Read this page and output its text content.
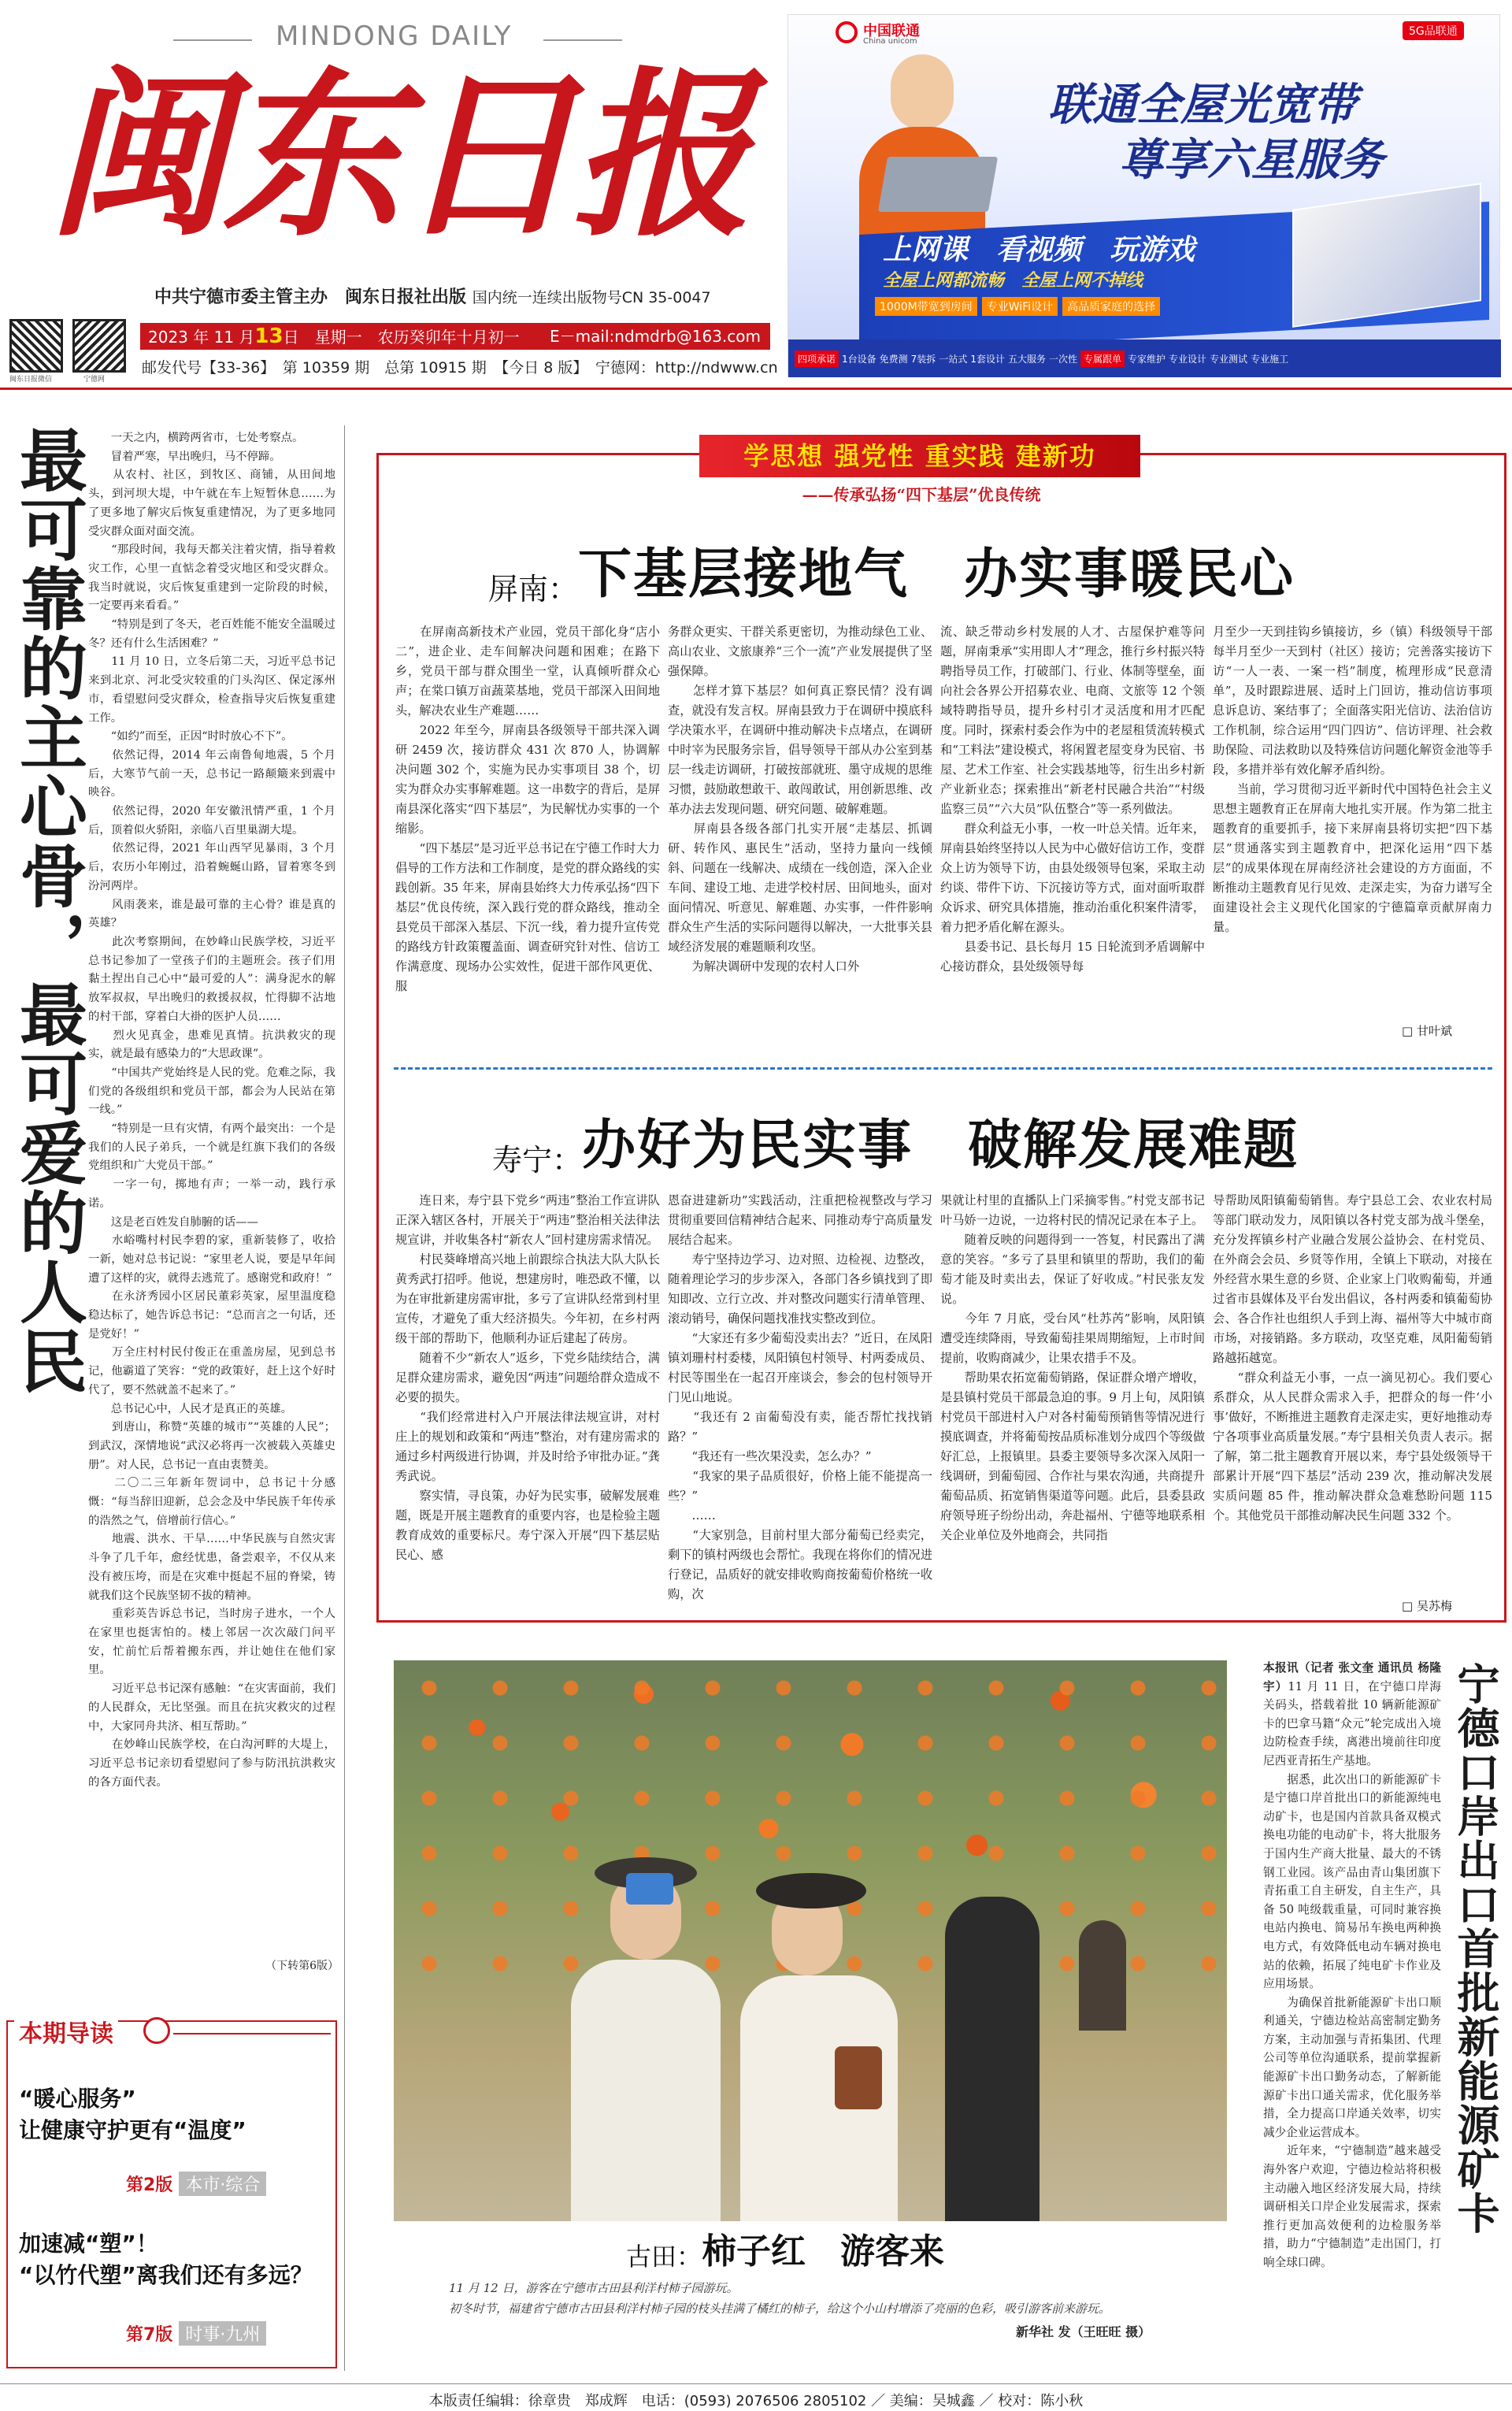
MINDONG DAILY
闽东日报
中共宁德市委主管主办　闽东日报社出版 国内统一连续出版物号CN 35-0047
闽东日报微信	宁德网
2023 年 11 月13日　星期一　农历癸卯年十月初一 E－mail:ndmdrb@163.com
邮发代号【33-36】　第 10359 期　总第 10915 期　【今日 8 版】　宁德网：http://ndwww.cn
中国联通
China unicom
5G品联通
联通全屋光宽带
尊享六星服务
上网课　看视频　玩游戏
全屋上网都流畅　全屋上网不掉线
1000M带宽到房间	专业WiFi设计	高品质家庭的选择
四项承诺 1台设备 免费测 7装拆 一站式 1套设计 五大服务 一次性 专属跟单 专家维护 专业设计 专业测试 专业施工
最可靠的主心骨，最可爱的人民	　　一天之内，横跨两省市，七处考察点。
　　冒着严寒，早出晚归，马不停蹄。
　　从农村、社区，到牧区、商铺，从田间地头，到河坝大堤，中午就在车上短暂休息……为了更多地了解灾后恢复重建情况，为了更多地同受灾群众面对面交流。
　　“那段时间，我每天都关注着灾情，指导着救灾工作，心里一直惦念着受灾地区和受灾群众。我当时就说，灾后恢复重建到一定阶段的时候，一定要再来看看。”
　　“特别是到了冬天，老百姓能不能安全温暖过冬？还有什么生活困难？”
　　11 月 10 日，立冬后第二天，习近平总书记来到北京、河北受灾较重的门头沟区、保定涿州市，看望慰问受灾群众，检查指导灾后恢复重建工作。
　　“如约”而至，正因“时时放心不下”。
　　依然记得，2014 年云南鲁甸地震，5 个月后，大寒节气前一天，总书记一路颠簸来到震中映谷。
　　依然记得，2020 年安徽汛情严重，1 个月后，顶着似火骄阳，亲临八百里巢湖大堤。
　　依然记得，2021 年山西罕见暴雨，3 个月后，农历小年刚过，沿着蜿蜒山路，冒着寒冬到汾河两岸。
　　风雨袭来，谁是最可靠的主心骨？谁是真的英雄？
　　此次考察期间，在妙峰山民族学校，习近平总书记参加了一堂孩子们的主题班会。孩子们用黏土捏出自己心中“最可爱的人”：满身泥水的解放军叔叔，早出晚归的救援叔叔，忙得脚不沾地的村干部，穿着白大褂的医护人员……
　　烈火见真金，患难见真情。抗洪救灾的现实，就是最有感染力的“大思政课”。
　　“中国共产党始终是人民的党。危难之际，我们党的各级组织和党员干部，都会为人民站在第一线。”
　　“特别是一旦有灾情，有两个最突出：一个是我们的人民子弟兵，一个就是红旗下我们的各级党组织和广大党员干部。”
　　一字一句，掷地有声；一举一动，践行承诺。
　　这是老百姓发自肺腑的话——
　　水峪嘴村村民李碧的家，重新装修了，收拾一新，她对总书记说：“家里老人说，要是早年间遭了这样的灾，就得去逃荒了。感谢党和政府！”
　　在永济秀园小区居民董彩英家，屋里温度稳稳达标了，她告诉总书记：“总而言之一句话，还是党好！”
　　万全庄村村民付俊正在重盖房屋，见到总书记，他霸道了笑容：“党的政策好，赶上这个好时代了，要不然就盖不起来了。”
　　总书记心中，人民才是真正的英雄。
　　到唐山，称赞“英雄的城市”“英雄的人民”；到武汉，深情地说“武汉必将再一次被载入英雄史册”。对人民，总书记一直由衷赞美。
　　二〇二三年新年贺词中，总书记十分感慨：“每当辞旧迎新，总会念及中华民族千年传承的浩然之气，倍增前行信心。”
　　地震、洪水、干旱……中华民族与自然灾害斗争了几千年，愈经忧患，备尝艰辛，不仅从来没有被压垮，而是在灾难中挺起不屈的脊梁，铸就我们这个民族坚韧不拔的精神。
　　重彩英告诉总书记，当时房子进水，一个人在家里也挺害怕的。楼上邻居一次次敲门问平安，忙前忙后帮着搬东西，并让她住在他们家里。
　　习近平总书记深有感触：“在灾害面前，我们的人民群众，无比坚强。而且在抗灾救灾的过程中，大家同舟共济、相互帮助。”
　　在妙峰山民族学校，在白沟河畔的大堤上，习近平总书记亲切看望慰问了参与防汛抗洪救灾的各方面代表。
（下转第6版）
本期导读
“暖心服务”
让健康守护更有“温度”
第2版 本市·综合
加速减“塑”！
“以竹代塑”离我们还有多远？
第7版 时事·九州
学思想 强党性 重实践 建新功
——传承弘扬“四下基层”优良传统
屏南： 下基层接地气　办实事暖民心
　　在屏南高新技术产业园，党员干部化身“店小二”，进企业、走车间解决问题和困难；在路下乡，党员干部与群众围坐一堂，认真倾听群众心声；在棠口镇万亩蔬菜基地，党员干部深入田间地头，解决农业生产难题……
　　2022 年至今，屏南县各级领导干部共深入调研 2459 次，接访群众 431 次 870 人，协调解决问题 302 个，实施为民办实事项目 38 个，切实为群众办实事解难题。这一串数字的背后，是屏南县深化落实“四下基层”，为民解忧办实事的一个缩影。
　　“四下基层”是习近平总书记在宁德工作时大力倡导的工作方法和工作制度，是党的群众路线的实践创新。35 年来，屏南县始终大力传承弘扬“四下基层”优良传统，深入践行党的群众路线，推动全县党员干部深入基层、下沉一线，着力提升宣传党的路线方针政策覆盖面、调查研究针对性、信访工作满意度、现场办公实效性，促进干部作风更优、服
务群众更实、干群关系更密切，为推动绿色工业、高山农业、文旅康养“三个一流”产业发展提供了坚强保障。
　　怎样才算下基层？如何真正察民情？没有调查，就没有发言权。屏南县致力于在调研中摸底科学决策水平，在调研中推动解决卡点堵点，在调研中时宰为民服务宗旨，倡导领导干部从办公室到基层一线走访调研，打破按部就班、墨守成规的思维习惯，鼓励敢想敢干、敢闯敢试，用创新思维、改革办法去发现问题、研究问题、破解难题。
　　屏南县各级各部门扎实开展“走基层、抓调研、转作风、惠民生”活动，坚持力量向一线倾斜、问题在一线解决、成绩在一线创造，深入企业车间、建设工地、走进学校村居、田间地头，面对面问情况、听意见、解难题、办实事，一件件影响群众生产生活的实际问题得以解决，一大批事关县域经济发展的难题顺利攻坚。
　　为解决调研中发现的农村人口外
流、缺乏带动乡村发展的人才、古屋保护难等问题，屏南秉承“实用即人才”理念，推行乡村振兴特聘指导员工作，打破部门、行业、体制等壁垒，面向社会各界公开招募农业、电商、文旅等 12 个领域特聘指导员，提升乡村引才灵活度和用才匹配度。同时，探索村委会作为中的老屋租赁流转模式和“工料法”建设模式，将闲置老屋变身为民宿、书屋、艺术工作室、社会实践基地等，衍生出乡村新产业新业态；探索推出“新老村民融合共治”“村级监察三员”“六大员”队伍整合”等一系列做法。
　　群众利益无小事，一枚一叶总关情。近年来，屏南县始终坚持以人民为中心做好信访工作，变群众上访为领导下访，由县处级领导包案，采取主动约谈、带件下访、下沉接访等方式，面对面听取群众诉求、研究具体措施，推动治重化积案件清零，着力把矛盾化解在源头。
　　县委书记、县长每月 15 日轮流到矛盾调解中心接访群众，县处级领导每
月至少一天到挂钩乡镇接访，乡（镇）科级领导干部每半月至少一天到村（社区）接访；完善落实接访下访“一人一表、一案一档”制度，梳理形成“民意清单”，及时跟踪进展、适时上门回访，推动信访事项息诉息访、案结事了；全面落实阳光信访、法治信访工作机制，综合运用“四门四访”、信访评理、社会救助保险、司法救助以及特殊信访问题化解资金池等手段，多措并举有效化解矛盾纠纷。
　　当前，学习贯彻习近平新时代中国特色社会主义思想主题教育正在屏南大地扎实开展。作为第二批主题教育的重要抓手，接下来屏南县将切实把“四下基层”贯通落实到主题教育中，把深化运用“四下基层”的成果体现在屏南经济社会建设的方方面面，不断推动主题教育见行见效、走深走实，为奋力谱写全面建设社会主义现代化国家的宁德篇章贡献屏南力量。
□ 甘叶斌
寿宁： 办好为民实事　破解发展难题
　　连日来，寿宁县下党乡“两违”整治工作宣讲队正深入辖区各村，开展关于“两违”整治相关法律法规宣讲，并收集各村“新农人”回村建房需求情况。
　　村民葵峰增高兴地上前跟综合执法大队大队长黄秀武打招呼。他说，想建房时，唯恐政不懂，以为在审批新建房需审批，多亏了宣讲队经常到村里宣传，才避免了重大经济损失。今年初，在乡村两级干部的帮助下，他顺利办证后建起了砖房。
　　随着不少“新农人”返乡，下党乡陆续结合，满足群众建房需求，避免因“两违”问题给群众造成不必要的损失。
　　“我们经常进村入户开展法律法规宣讲，对村庄上的规划和政策和“两违”整治，对有建房需求的通过乡村两级进行协调，并及时给予审批办证。”龚秀武说。
　　察实情，寻良策，办好为民实事，破解发展难题，既是开展主题教育的重要内容，也是检验主题教育成效的重要标尺。寿宁深入开展“四下基层贴民心、感
恩奋进建新功”实践活动，注重把检视整改与学习贯彻重要回信精神结合起来、同推动寿宁高质量发展结合起来。
　　寿宁坚持边学习、边对照、边检视、边整改，随着理论学习的步步深入，各部门各乡镇找到了即知即改、立行立改、并对整改问题实行清单管理、滚动销号，确保问题找准找实整改到位。
　　“大家还有多少葡萄没卖出去？”近日，在凤阳镇刘珊村村委楼，凤阳镇包村领导、村两委成员、村民等围坐在一起召开座谈会，参会的包村领导开门见山地说。
　　“我还有 2 亩葡萄没有卖，能否帮忙找找销路？”
　　“我还有一些次果没卖，怎么办？”
　　“我家的果子品质很好，价格上能不能提高一些？”
　　……
　　“大家别急，目前村里大部分葡萄已经卖完，剩下的镇村两级也会帮忙。我现在将你们的情况进行登记，品质好的就安排收购商按葡萄价格统一收购，次
果就让村里的直播队上门采摘零售。”村党支部书记叶马娇一边说，一边将村民的情况记录在本子上。
　　随着反映的问题得到一一答复，村民露出了满意的笑容。“多亏了县里和镇里的帮助，我们的葡萄才能及时卖出去，保证了好收成。”村民张友发说。
　　今年 7 月底，受台风“杜苏芮”影响，凤阳镇遭受连续降雨，导致葡萄挂果周期缩短，上市时间提前，收购商减少，让果农措手不及。
　　帮助果农拓宽葡萄销路，保证群众增产增收，是县镇村党员干部最急迫的事。9 月上旬，凤阳镇村党员干部进村入户对各村葡萄预销售等情况进行摸底调查，并将葡萄按品质标准划分成四个等级做好汇总，上报镇里。县委主要领导多次深入凤阳一线调研，到葡萄园、合作社与果农沟通，共商提升葡萄品质、拓宽销售渠道等问题。此后，县委县政府领导班子纷纷出动，奔赴福州、宁德等地联系相关企业单位及外地商会，共同指
导帮助凤阳镇葡萄销售。寿宁县总工会、农业农村局等部门联动发力，凤阳镇以各村党支部为战斗堡垒，充分发挥镇乡村产业融合发展公益协会、在村党员、在外商会会员、乡贤等作用，全镇上下联动，对接在外经营水果生意的乡贤、企业家上门收购葡萄，并通过省市县媒体及平台发出倡议，各村两委和镇葡萄协会、各合作社也组织人手到上海、福州等大中城市商市场，对接销路。多方联动，攻坚克难，凤阳葡萄销路越拓越宽。
　　“群众利益无小事，一点一滴见初心。我们要心系群众，从人民群众需求入手，把群众的每一件‘小事’做好，不断推进主题教育走深走实，更好地推动寿宁各项事业高质量发展。”寿宁县相关负责人表示。据了解，第二批主题教育开展以来，寿宁县处级领导干部累计开展“四下基层”活动 239 次，推动解决发展实质问题 85 件，推动解决群众急难愁盼问题 115 个。其他党员干部推动解决民生问题 332 个。
□ 吴苏梅
古田： 柿子红　游客来
　　11 月 12 日，游客在宁德市古田县利洋村柿子园游玩。
　　初冬时节，福建省宁德市古田县利洋村柿子园的枝头挂满了橘红的柿子，给这个小山村增添了亮丽的色彩，吸引游客前来游玩。
新华社 发（王旺旺 摄）
宁德口岸出口首批新能源矿卡
本报讯（记者 张文奎 通讯员 杨隆宇）11 月 11 日，在宁德口岸海关码头，搭载着批 10 辆新能源矿卡的巴拿马籍“众元”轮完成出入境边防检查手续，离港出境前往印度尼西亚青拓生产基地。
　　据悉，此次出口的新能源矿卡是宁德口岸首批出口的新能源纯电动矿卡，也是国内首款具备双模式换电功能的电动矿卡，将大批服务于国内生产商大批量、最大的不锈钢工业园。该产品由青山集团旗下青拓重工自主研发，自主生产，具备 50 吨级载重量，可同时兼容换电站内换电、简易吊车换电两种换电方式，有效降低电动车辆对换电站的依赖，拓展了纯电矿卡作业及应用场景。
　　为确保首批新能源矿卡出口顺利通关，宁德边检站高密制定勤务方案，主动加强与青拓集团、代理公司等单位沟通联系，提前掌握新能源矿卡出口勤务动态，了解新能源矿卡出口通关需求，优化服务举措，全力提高口岸通关效率，切实减少企业运营成本。
　　近年来，“宁德制造”越来越受海外客户欢迎，宁德边检站将积极主动融入地区经济发展大局，持续调研相关口岸企业发展需求，探索推行更加高效便利的边检服务举措，助力“宁德制造”走出国门，打响全球口碑。
本版责任编辑：徐章贵　郑成辉　电话：(0593) 2076506 2805102 ／ 美编：吴城鑫 ／ 校对：陈小秋
